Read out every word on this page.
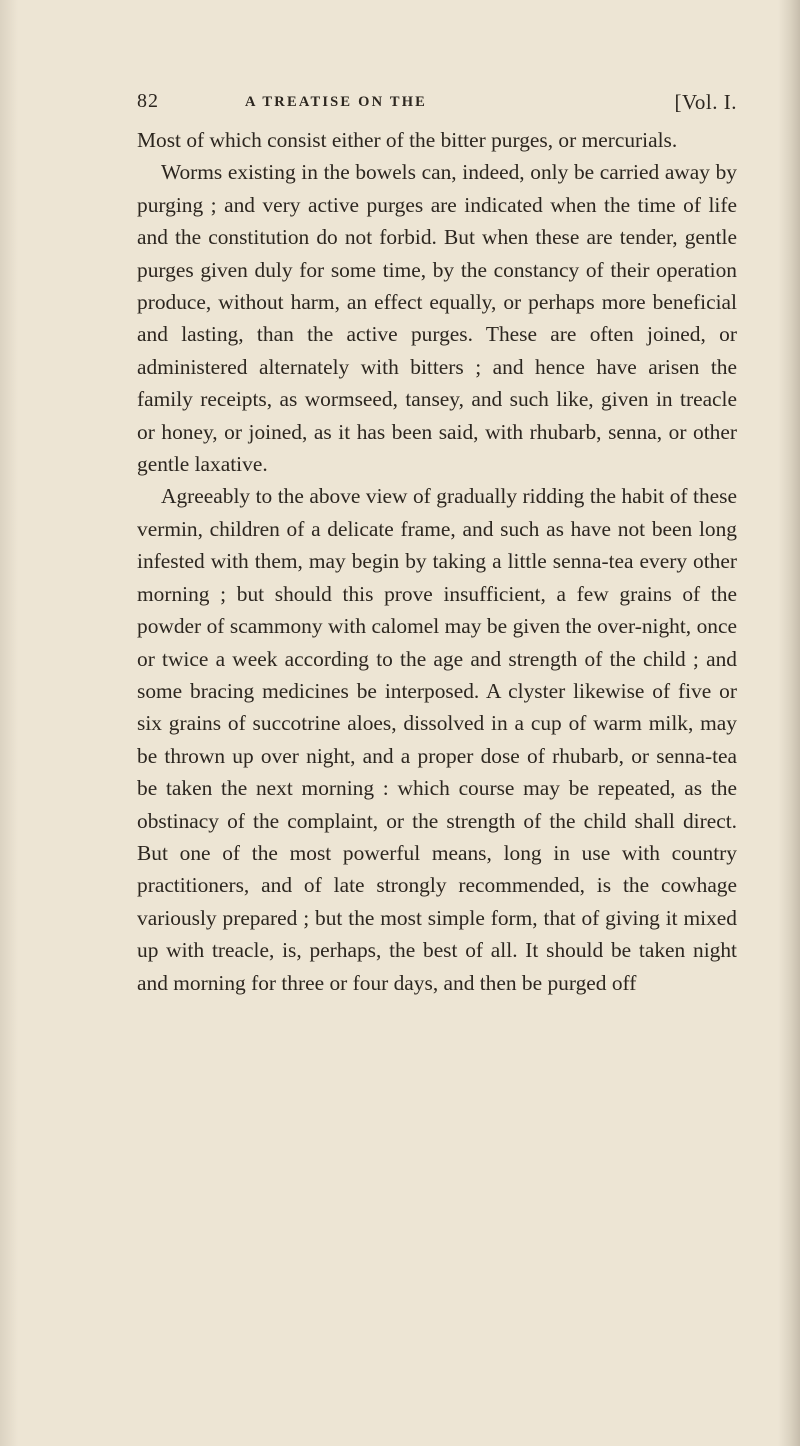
82	A TREATISE ON THE	[Vol. I.

Most of which consist either of the bitter purges, or mercurials.

Worms existing in the bowels can, indeed, only be carried away by purging ; and very active purges are indicated when the time of life and the constitution do not forbid. But when these are tender, gentle purges given duly for some time, by the constancy of their operation produce, without harm, an effect equally, or perhaps more beneficial and lasting, than the active purges. These are often joined, or administered alternately with bitters ; and hence have arisen the family receipts, as wormseed, tansey, and such like, given in treacle or honey, or joined, as it has been said, with rhubarb, senna, or other gentle laxative.

Agreeably to the above view of gradually ridding the habit of these vermin, children of a delicate frame, and such as have not been long infested with them, may begin by taking a little senna-tea every other morning ; but should this prove insufficient, a few grains of the powder of scammony with calomel may be given the over-night, once or twice a week according to the age and strength of the child ; and some bracing medicines be interposed. A clyster likewise of five or six grains of succotrine aloes, dissolved in a cup of warm milk, may be thrown up over night, and a proper dose of rhubarb, or senna-tea be taken the next morning : which course may be repeated, as the obstinacy of the complaint, or the strength of the child shall direct. But one of the most powerful means, long in use with country practitioners, and of late strongly recommended, is the cowhage variously prepared ; but the most simple form, that of giving it mixed up with treacle, is, perhaps, the best of all. It should be taken night and morning for three or four days, and then be purged off
